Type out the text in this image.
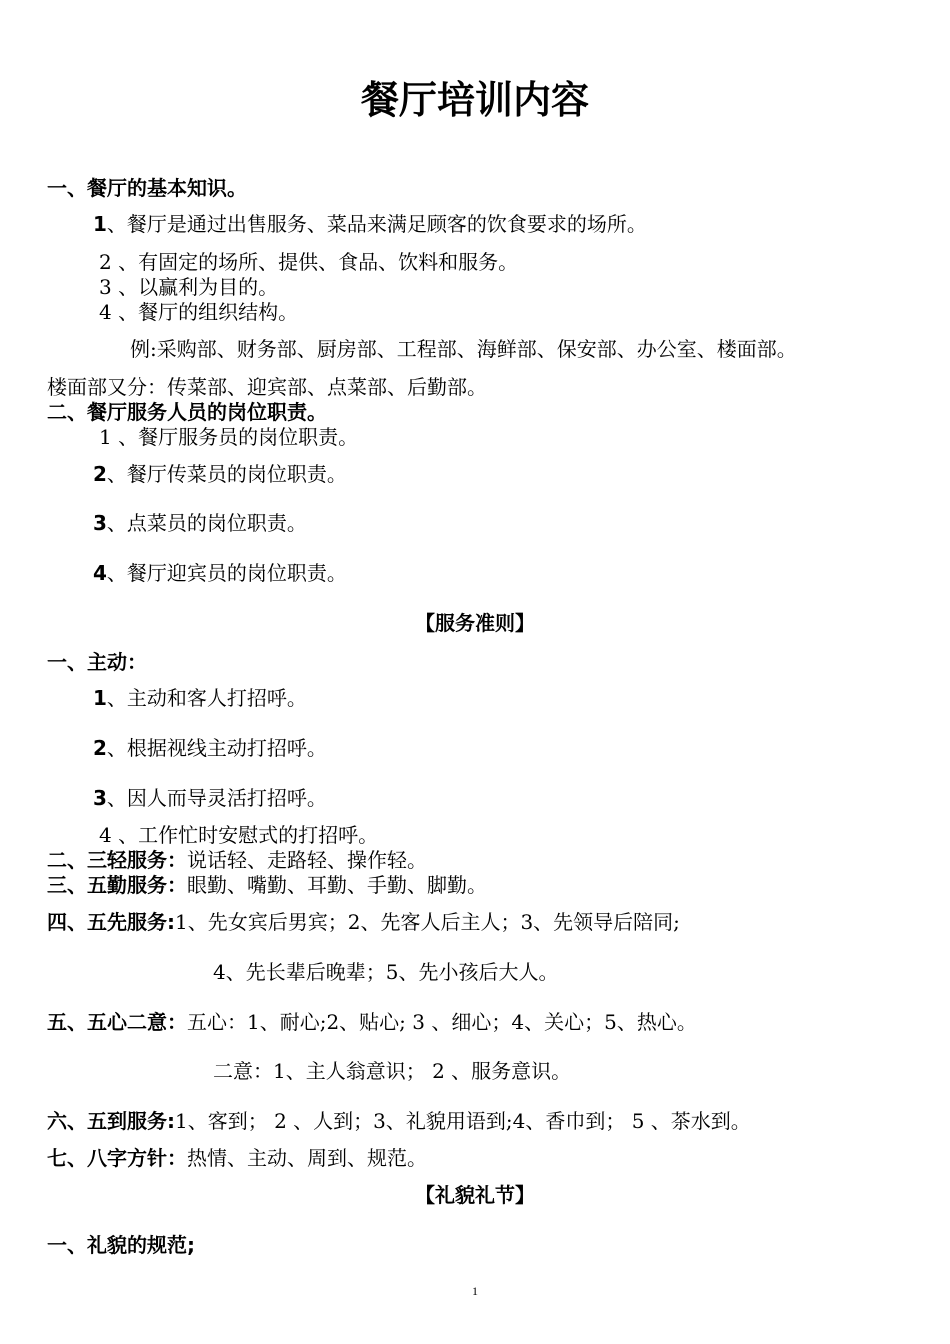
餐厅培训内容
一、餐厅的基本知识。
1、餐厅是通过出售服务、菜品来满足顾客的饮食要求的场所。
2 、有固定的场所、提供、食品、饮料和服务。
3 、以赢利为目的。
4 、餐厅的组织结构。
例:采购部、财务部、厨房部、工程部、海鲜部、保安部、办公室、楼面部。
楼面部又分：传菜部、迎宾部、点菜部、后勤部。
二、餐厅服务人员的岗位职责。
1 、餐厅服务员的岗位职责。
2、餐厅传菜员的岗位职责。
3、点菜员的岗位职责。
4、餐厅迎宾员的岗位职责。
【服务准则】
一、主动：
1、主动和客人打招呼。
2、根据视线主动打招呼。
3、因人而导灵活打招呼。
4 、工作忙时安慰式的打招呼。
二、三轻服务：说话轻、走路轻、操作轻。
三、五勤服务：眼勤、嘴勤、耳勤、手勤、脚勤。
四、五先服务:1、先女宾后男宾；2、先客人后主人；3、先领导后陪同;
4、先长辈后晚辈；5、先小孩后大人。
五、五心二意：五心：1、耐心;2、贴心; 3 、细心；4、关心；5、热心。
二意：1、主人翁意识； 2 、服务意识。
六、五到服务:1、客到； 2 、人到；3、礼貌用语到;4、香巾到； 5 、茶水到。
七、八字方针：热情、主动、周到、规范。
【礼貌礼节】
一、礼貌的规范;
1
